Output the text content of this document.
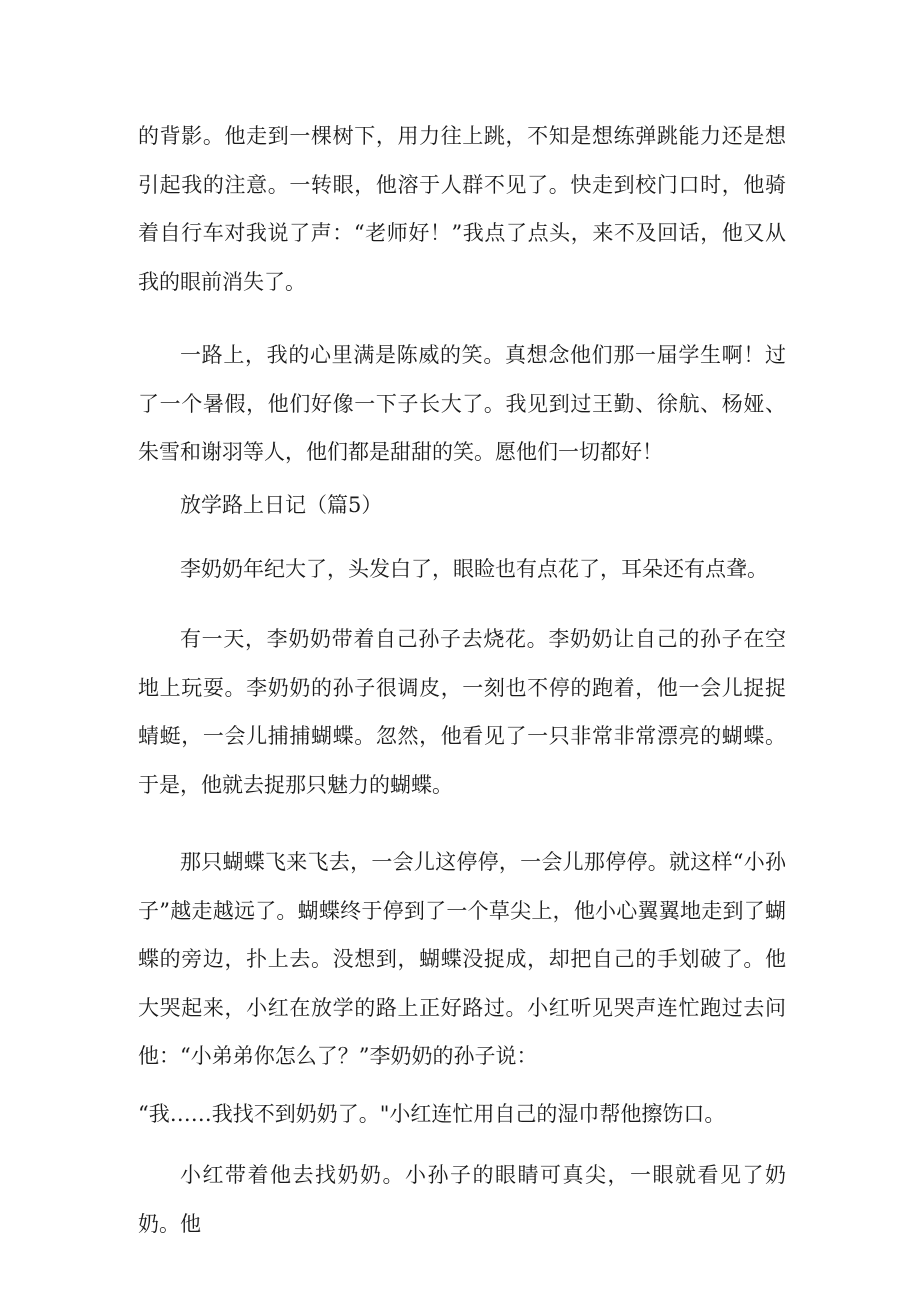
的背影。他走到一棵树下，用力往上跳，不知是想练弹跳能力还是想引起我的注意。一转眼，他溶于人群不见了。快走到校门口时，他骑着自行车对我说了声：“老师好！”我点了点头，来不及回话，他又从我的眼前消失了。

一路上，我的心里满是陈威的笑。真想念他们那一届学生啊！过了一个暑假，他们好像一下子长大了。我见到过王勤、徐航、杨娅、朱雪和谢羽等人，他们都是甜甜的笑。愿他们一切都好！

放学路上日记（篇5）

李奶奶年纪大了，头发白了，眼睑也有点花了，耳朵还有点聋。

有一天，李奶奶带着自己孙子去烧花。李奶奶让自己的孙子在空地上玩耍。李奶奶的孙子很调皮，一刻也不停的跑着，他一会儿捉捉蜻蜓，一会儿捕捕蝴蝶。忽然，他看见了一只非常非常漂亮的蝴蝶。于是，他就去捉那只魅力的蝴蝶。

那只蝴蝶飞来飞去，一会儿这停停，一会儿那停停。就这样“小孙子”越走越远了。蝴蝶终于停到了一个草尖上，他小心翼翼地走到了蝴蝶的旁边，扑上去。没想到，蝴蝶没捉成，却把自己的手划破了。他大哭起来，小红在放学的路上正好路过。小红听见哭声连忙跑过去问他：“小弟弟你怎么了？”李奶奶的孙子说：

“我……我找不到奶奶了。"小红连忙用自己的湿巾帮他擦饬口。

小红带着他去找奶奶。小孙子的眼睛可真尖，一眼就看见了奶奶。他
